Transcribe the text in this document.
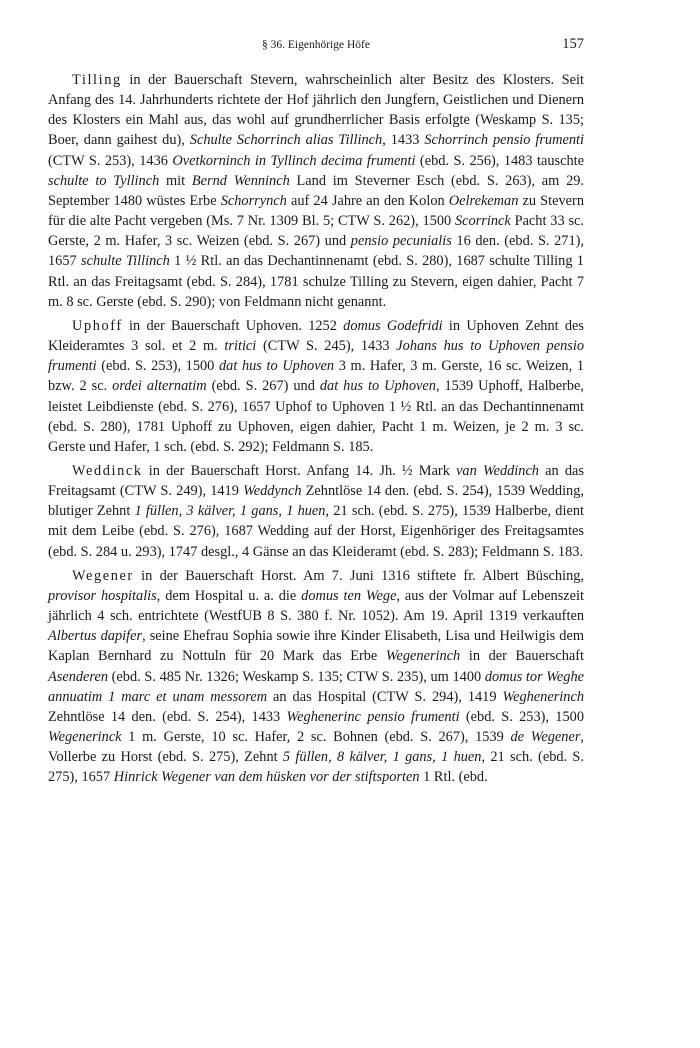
§ 36. Eigenhörige Höfe	157

Tilling in der Bauerschaft Stevern, wahrscheinlich alter Besitz des Klosters. Seit Anfang des 14. Jahrhunderts richtete der Hof jährlich den Jungfern, Geistlichen und Dienern des Klosters ein Mahl aus, das wohl auf grundherrlicher Basis erfolgte (Weskamp S. 135; Boer, dann gaihest du), Schulte Schorrinch alias Tillinch, 1433 Schorrinch pensio frumenti (CTW S. 253), 1436 Ovetkorninch in Tyllinch decima frumenti (ebd. S. 256), 1483 tauschte schulte to Tyllinch mit Bernd Wenninch Land im Steverner Esch (ebd. S. 263), am 29. September 1480 wüstes Erbe Schorrynch auf 24 Jahre an den Kolon Oelrekeman zu Stevern für die alte Pacht vergeben (Ms. 7 Nr. 1309 Bl. 5; CTW S. 262), 1500 Scorrinck Pacht 33 sc. Gerste, 2 m. Hafer, 3 sc. Weizen (ebd. S. 267) und pensio pecunialis 16 den. (ebd. S. 271), 1657 schulte Tillinch 1 ½ Rtl. an das Dechantinnenamt (ebd. S. 280), 1687 schulte Tilling 1 Rtl. an das Freitagsamt (ebd. S. 284), 1781 schulze Tilling zu Stevern, eigen dahier, Pacht 7 m. 8 sc. Gerste (ebd. S. 290); von Feldmann nicht genannt.

Uphoff in der Bauerschaft Uphoven. 1252 domus Godefridi in Uphoven Zehnt des Kleideramtes 3 sol. et 2 m. tritici (CTW S. 245), 1433 Johans hus to Uphoven pensio frumenti (ebd. S. 253), 1500 dat hus to Uphoven 3 m. Hafer, 3 m. Gerste, 16 sc. Weizen, 1 bzw. 2 sc. ordei alternatim (ebd. S. 267) und dat hus to Uphoven, 1539 Uphoff, Halberbe, leistet Leibdienste (ebd. S. 276), 1657 Uphof to Uphoven 1 ½ Rtl. an das Dechantinnenamt (ebd. S. 280), 1781 Uphoff zu Uphoven, eigen dahier, Pacht 1 m. Weizen, je 2 m. 3 sc. Gerste und Hafer, 1 sch. (ebd. S. 292); Feldmann S. 185.

Weddinck in der Bauerschaft Horst. Anfang 14. Jh. ½ Mark van Weddinch an das Freitagsamt (CTW S. 249), 1419 Weddynch Zehntlöse 14 den. (ebd. S. 254), 1539 Wedding, blutiger Zehnt 1 füllen, 3 kälver, 1 gans, 1 huen, 21 sch. (ebd. S. 275), 1539 Halberbe, dient mit dem Leibe (ebd. S. 276), 1687 Wedding auf der Horst, Eigenhöriger des Freitagsamtes (ebd. S. 284 u. 293), 1747 desgl., 4 Gänse an das Kleideramt (ebd. S. 283); Feldmann S. 183.

Wegener in der Bauerschaft Horst. Am 7. Juni 1316 stiftete fr. Albert Büsching, provisor hospitalis, dem Hospital u. a. die domus ten Wege, aus der Volmar auf Lebenszeit jährlich 4 sch. entrichtete (WestfUB 8 S. 380 f. Nr. 1052). Am 19. April 1319 verkauften Albertus dapifer, seine Ehefrau Sophia sowie ihre Kinder Elisabeth, Lisa und Heilwigis dem Kaplan Bernhard zu Nottuln für 20 Mark das Erbe Wegenerinch in der Bauerschaft Asenderen (ebd. S. 485 Nr. 1326; Weskamp S. 135; CTW S. 235), um 1400 domus tor Weghe annuatim 1 marc et unam messorem an das Hospital (CTW S. 294), 1419 Weghenerinch Zehntlöse 14 den. (ebd. S. 254), 1433 Weghenerinc pensio frumenti (ebd. S. 253), 1500 Wegenerinck 1 m. Gerste, 10 sc. Hafer, 2 sc. Bohnen (ebd. S. 267), 1539 de Wegener, Vollerbe zu Horst (ebd. S. 275), Zehnt 5 füllen, 8 kälver, 1 gans, 1 huen, 21 sch. (ebd. S. 275), 1657 Hinrick Wegener van dem hüsken vor der stiftsporten 1 Rtl. (ebd.
